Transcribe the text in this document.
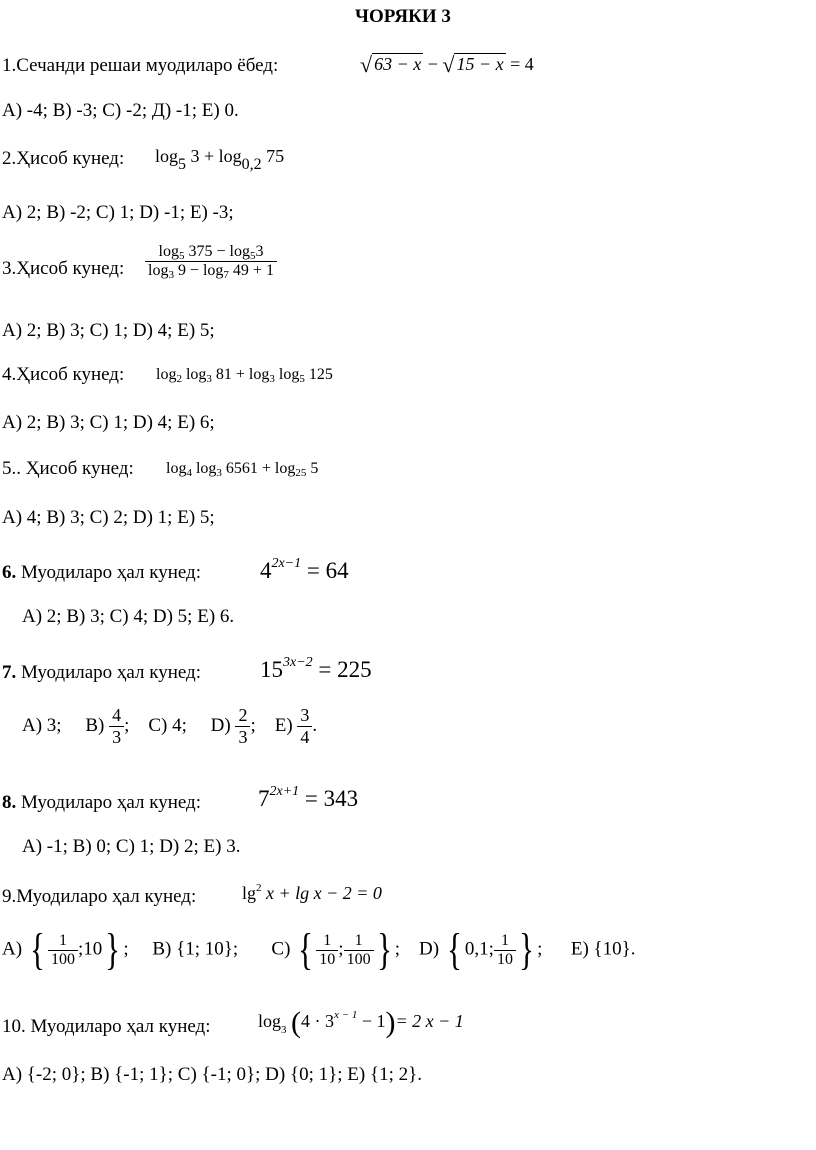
ЧОРЯКИ 3
1.Сечанди решаи муодиларо ёбед:	√ 63 − x − √ 15 − x = 4
A) -4; B) -3; C) -2; Д) -1; E) 0.
2.Ҳисоб кунед: log5 3 + log0,2 75
A) 2; B) -2; C) 1; D) -1; E) -3;
3.Ҳисоб кунед: $\frac{\log 5 375 - \log 53}{\log 3 9 - \log 7 49 + 1}$
A) 2; B) 3; C) 1; D) 4; E) 5;
4.Ҳисоб кунед: log2 log3 81 + log3 log5 125
A) 2; B) 3; C) 1; D) 4; E) 6;
5.. Ҳисоб кунед: log4 log3 6561 + log25 5
A) 4; B) 3; C) 2; D) 1; E) 5;
6. Муодиларо ҳал кунед:	$4^{2x-1} = 64$
A) 2; B) 3; C) 4; D) 5; E) 6.
7. Муодиларо ҳал кунед:	$15^{3x-2} = 225$
A) 3; $B) \frac{4}{3}$ ; C) 4; $D) \frac{2}{3}$ ; $E) \frac{3}{4}$ .
8. Муодиларо ҳал кунед: $7^{2x+1} = 343$
A) -1; B) 0; C) 1; D) 2; E) 3.
9.Муодиларо ҳал кунед:	$\lg^2 x + \lg x - 2 = 0$
A) { $\frac{1}{100}$ ;10} ; B) {1; 10}; C) { $\frac{1}{10}$ ; $\frac{1}{100}$ } ; D) { 0,1; $\frac{1}{10}$ } ; E) {10}.
10. Муодиларо ҳал кунед:	$\log_3 (4 \cdot 3^{x - 1} - 1)= 2$ x − 1
A) {-2; 0}; B) {-1; 1}; C) {-1; 0}; D) {0; 1}; E) {1; 2}.
